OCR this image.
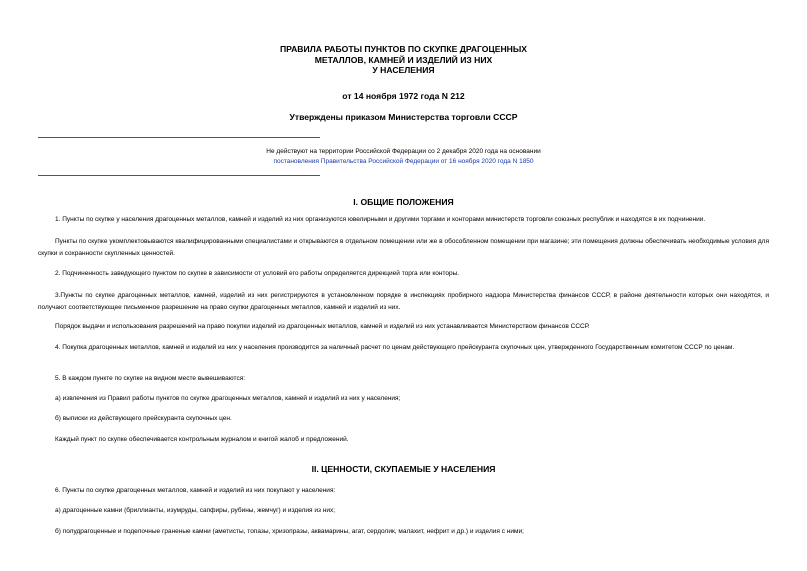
ПРАВИЛА РАБОТЫ ПУНКТОВ ПО СКУПКЕ ДРАГОЦЕННЫХ
МЕТАЛЛОВ, КАМНЕЙ И ИЗДЕЛИЙ ИЗ НИХ
У НАСЕЛЕНИЯ
от 14 ноября 1972 года N 212
Утверждены приказом Министерства торговли СССР
Не действуют на территории Российской Федерации со 2 декабря 2020 года на основании
постановления Правительства Российской Федерации от 16 ноября 2020 года N 1850
I. ОБЩИЕ ПОЛОЖЕНИЯ
1. Пункты по скупке у населения драгоценных металлов, камней и изделий из них организуются ювелирными и другими торгами и конторами министерств торговли союзных республик и находятся в их подчинении.
Пункты по скупке укомплектовываются квалифицированными специалистами и открываются в отдельном помещении или же в обособленном помещении при магазине; эти помещения должны обеспечивать необходимые условия для скупки и сохранности скупленных ценностей.
2. Подчиненность заведующего пунктом по скупке в зависимости от условий его работы определяется дирекцией торга или конторы.
3.Пункты по скупке драгоценных металлов, камней, изделий из них регистрируются в установленном порядке в инспекциях пробирного надзора Министерства финансов СССР, в районе деятельности которых они находятся, и получают соответствующее письменное разрешение на право скупки драгоценных металлов, камней и изделий из них.
Порядок выдачи и использования разрешений на право покупки изделий из драгоценных металлов, камней и изделий из них устанавливается Министерством финансов СССР.
4. Покупка драгоценных металлов, камней и изделий из них у населения производится за наличный расчет по ценам действующего прейскуранта скупочных цен, утвержденного Государственным комитетом СССР по ценам.
5. В каждом пункте по скупке на видном месте вывешиваются:
а) извлечения из Правил работы пунктов по скупке драгоценных металлов, камней и изделий из них у населения;
б) выписки из действующего прейскуранта скупочных цен.
Каждый пункт по скупке обеспечивается контрольным журналом и книгой жалоб и предложений.
II. ЦЕННОСТИ, СКУПАЕМЫЕ У НАСЕЛЕНИЯ
6. Пункты по скупке драгоценных металлов, камней и изделий из них покупают у населения:
а) драгоценные камни (бриллианты, изумруды, сапфиры, рубины, жемчуг) и изделия из них;
б) полудрагоценные и поделочные граненые камни (аметисты, топазы, хризопразы, аквамарины, агат, сердолик, малахит, нефрит и др.) и изделия с ними;
